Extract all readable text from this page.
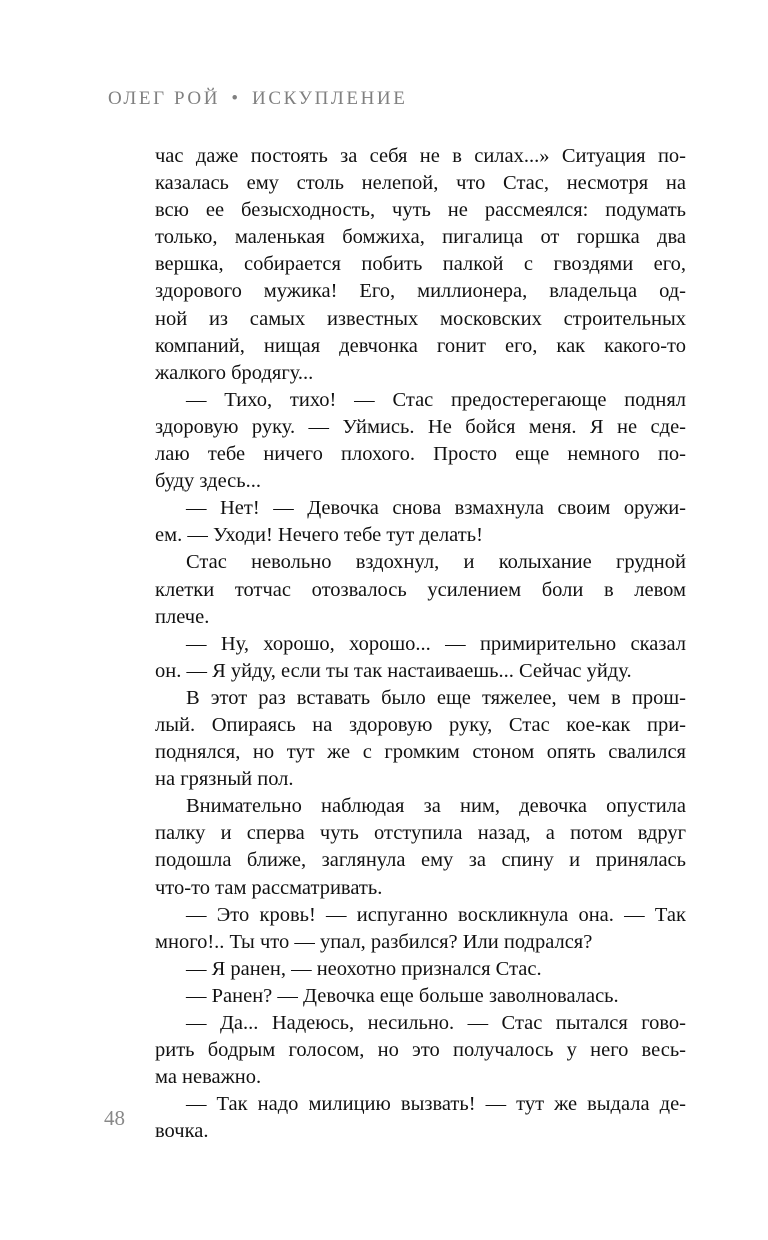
ОЛЕГ РОЙ • ИСКУПЛЕНИЕ

час даже постоять за себя не в силах...» Ситуация по-
казалась ему столь нелепой, что Стас, несмотря на
всю ее безысходность, чуть не рассмеялся: подумать
только, маленькая бомжиха, пигалица от горшка два
вершка, собирается побить палкой с гвоздями его,
здорового мужика! Его, миллионера, владельца од-
ной из самых известных московских строительных
компаний, нищая девчонка гонит его, как какого-то
жалкого бродягу...

— Тихо, тихо! — Стас предостерегающе поднял
здоровую руку. — Уймись. Не бойся меня. Я не сде-
лаю тебе ничего плохого. Просто еще немного по-
буду здесь...

— Нет! — Девочка снова взмахнула своим оружи-
ем. — Уходи! Нечего тебе тут делать!

Стас невольно вздохнул, и колыхание грудной
клетки тотчас отозвалось усилением боли в левом
плече.

— Ну, хорошо, хорошо... — примирительно сказал
он. — Я уйду, если ты так настаиваешь... Сейчас уйду.

В этот раз вставать было еще тяжелее, чем в прош-
лый. Опираясь на здоровую руку, Стас кое-как при-
поднялся, но тут же с громким стоном опять свалился
на грязный пол.

Внимательно наблюдая за ним, девочка опустила
палку и сперва чуть отступила назад, а потом вдруг
подошла ближе, заглянула ему за спину и принялась
что-то там рассматривать.

— Это кровь! — испуганно воскликнула она. — Так
много!.. Ты что — упал, разбился? Или подрался?

— Я ранен, — неохотно признался Стас.

— Ранен? — Девочка еще больше заволновалась.

— Да... Надеюсь, несильно. — Стас пытался гово-
рить бодрым голосом, но это получалось у него весь-
ма неважно.

— Так надо милицию вызвать! — тут же выдала де-
вочка.

48
